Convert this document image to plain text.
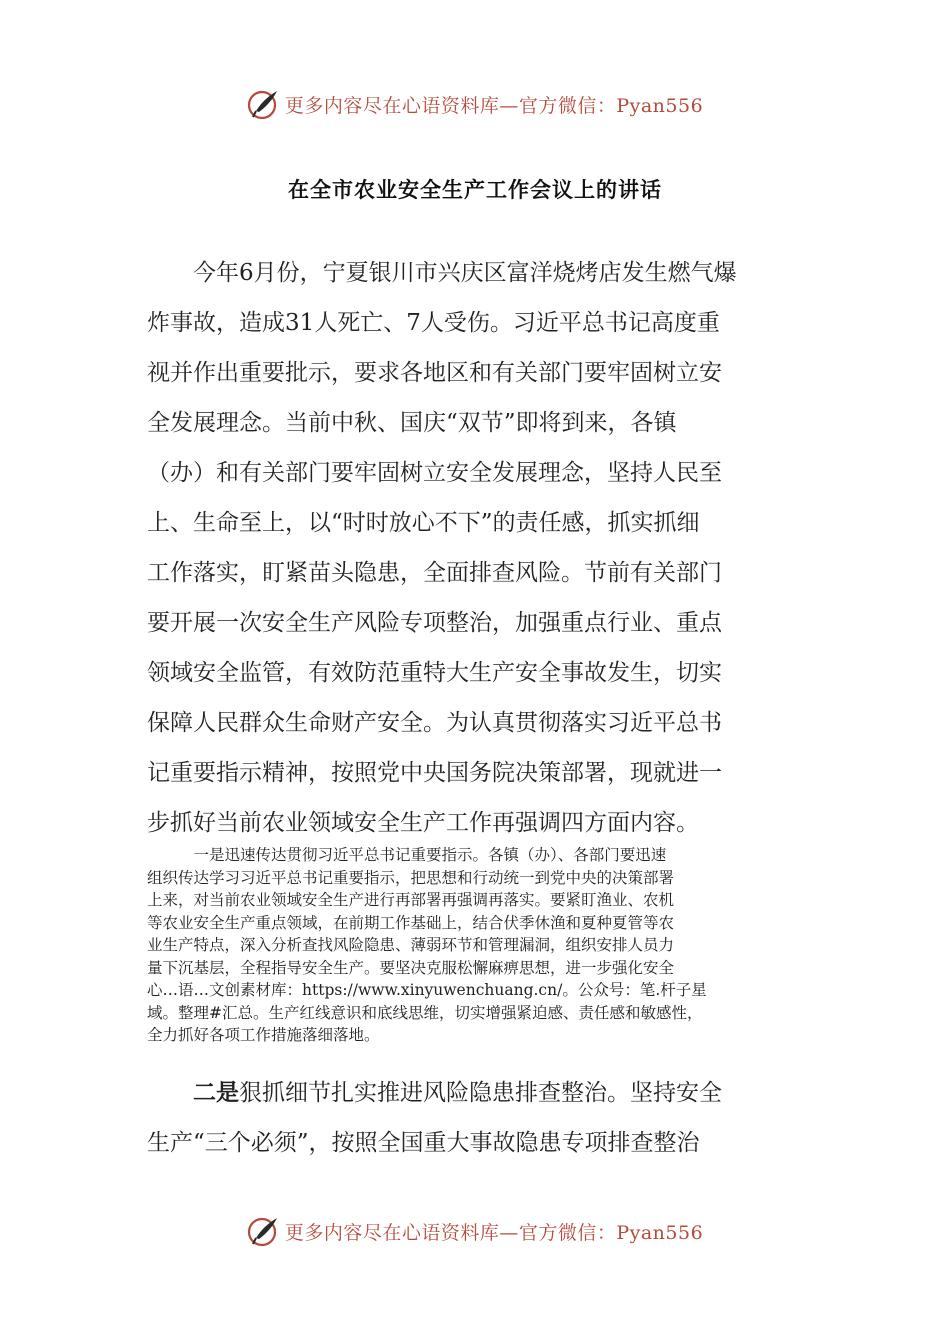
更多内容尽在心语资料库—官方微信：Pyan556
在全市农业安全生产工作会议上的讲话
　　今年6月份，宁夏银川市兴庆区富洋烧烤店发生燃气爆
炸事故，造成31人死亡、7人受伤。习近平总书记高度重
视并作出重要批示，要求各地区和有关部门要牢固树立安
全发展理念。当前中秋、国庆“双节”即将到来，各镇
（办）和有关部门要牢固树立安全发展理念，坚持人民至
上、生命至上，以“时时放心不下”的责任感，抓实抓细
工作落实，盯紧苗头隐患，全面排查风险。节前有关部门
要开展一次安全生产风险专项整治，加强重点行业、重点
领域安全监管，有效防范重特大生产安全事故发生，切实
保障人民群众生命财产安全。为认真贯彻落实习近平总书
记重要指示精神，按照党中央国务院决策部署，现就进一
步抓好当前农业领域安全生产工作再强调四方面内容。
　　　一是迅速传达贯彻习近平总书记重要指示。各镇（办）、各部门要迅速
组织传达学习习近平总书记重要指示，把思想和行动统一到党中央的决策部署
上来，对当前农业领域安全生产进行再部署再强调再落实。要紧盯渔业、农机
等农业安全生产重点领域，在前期工作基础上，结合伏季休渔和夏种夏管等农
业生产特点，深入分析查找风险隐患、薄弱环节和管理漏洞，组织安排人员力
量下沉基层，全程指导安全生产。要坚决克服松懈麻痹思想，进一步强化安全
心…语…文创素材库：https://www.xinyuwenchuang.cn/。公众号：笔.杆子星
域。整理#汇总。生产红线意识和底线思维，切实增强紧迫感、责任感和敏感性，
全力抓好各项工作措施落细落地。
　　二是狠抓细节扎实推进风险隐患排查整治。坚持安全
生产“三个必须”，按照全国重大事故隐患专项排查整治
更多内容尽在心语资料库—官方微信：Pyan556
